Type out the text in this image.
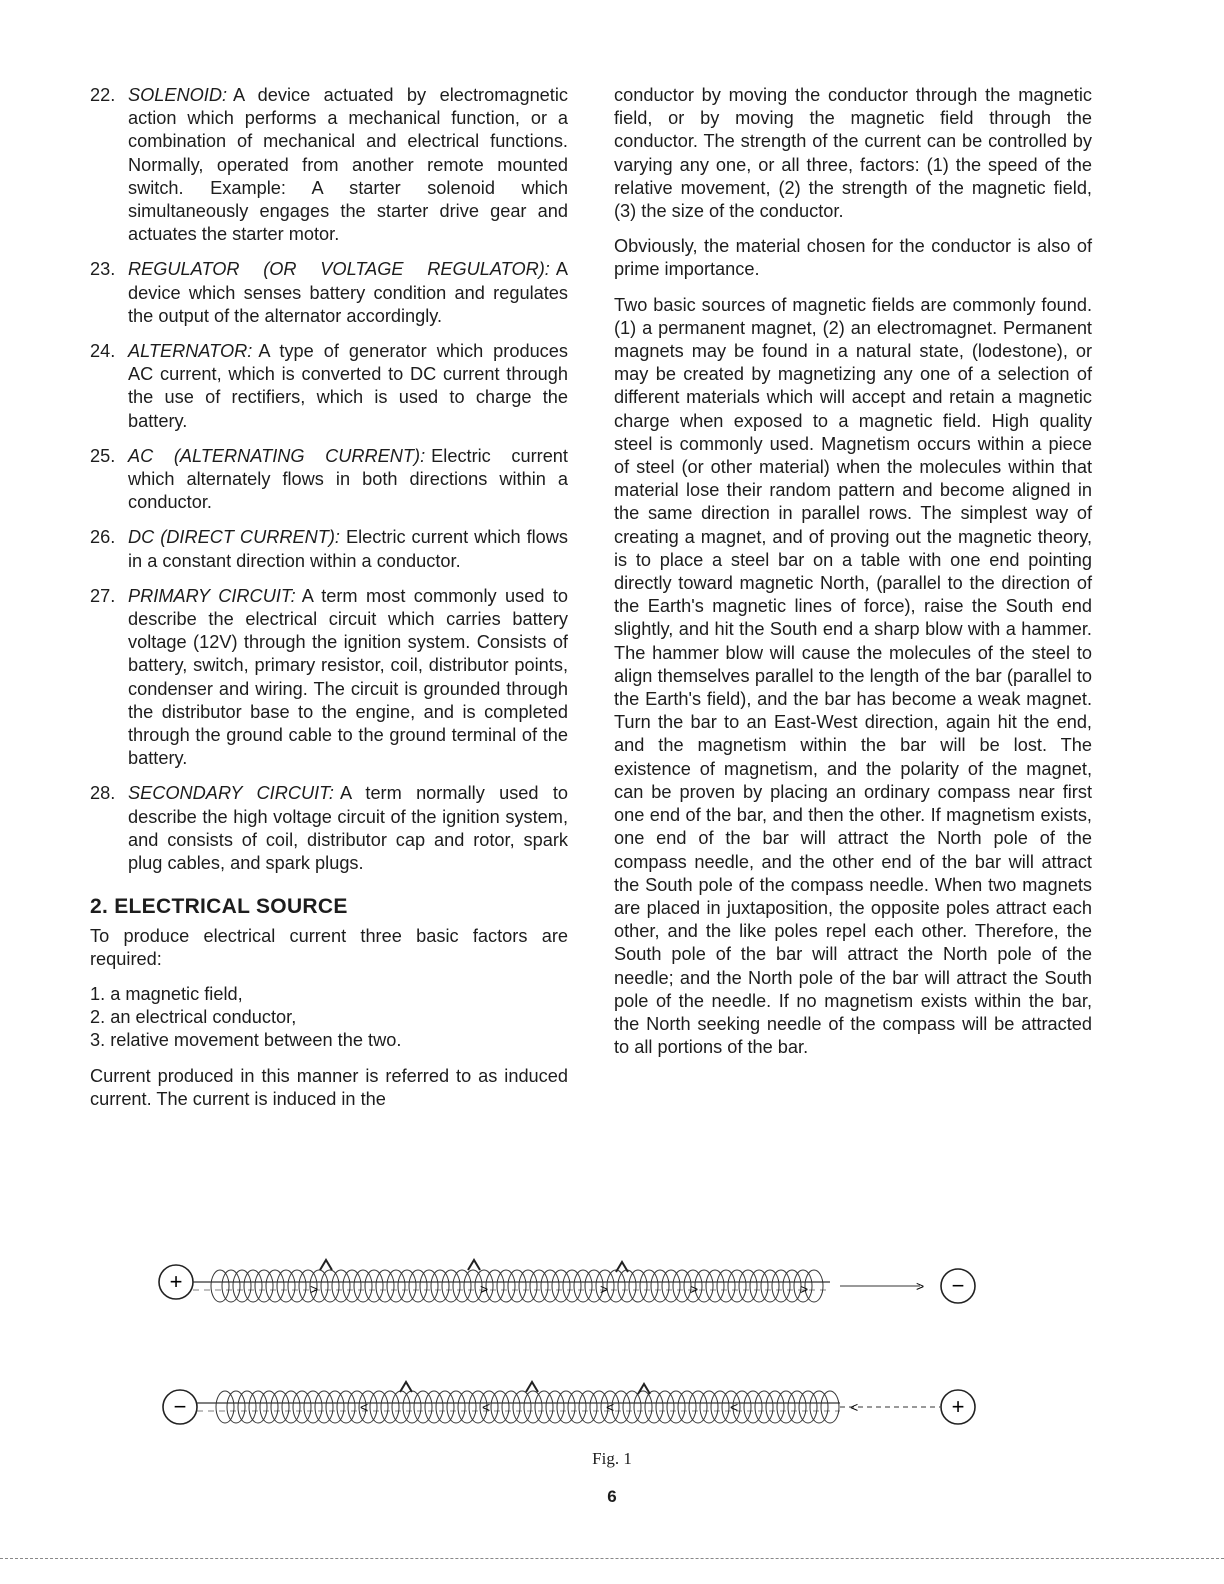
22. SOLENOID: A device actuated by electromagnetic action which performs a mechanical function, or a combination of mechanical and electrical functions. Normally, operated from another remote mounted switch. Example: A starter solenoid which simultaneously engages the starter drive gear and actuates the starter motor.
23. REGULATOR (OR VOLTAGE REGULATOR): A device which senses battery condition and regulates the output of the alternator accordingly.
24. ALTERNATOR: A type of generator which produces AC current, which is converted to DC current through the use of rectifiers, which is used to charge the battery.
25. AC (ALTERNATING CURRENT): Electric current which alternately flows in both directions within a conductor.
26. DC (DIRECT CURRENT): Electric current which flows in a constant direction within a conductor.
27. PRIMARY CIRCUIT: A term most commonly used to describe the electrical circuit which carries battery voltage (12V) through the ignition system. Consists of battery, switch, primary resistor, coil, distributor points, condenser and wiring. The circuit is grounded through the distributor base to the engine, and is completed through the ground cable to the ground terminal of the battery.
28. SECONDARY CIRCUIT: A term normally used to describe the high voltage circuit of the ignition system, and consists of coil, distributor cap and rotor, spark plug cables, and spark plugs.
2. ELECTRICAL SOURCE

To produce electrical current three basic factors are required:

1. a magnetic field,
2. an electrical conductor,
3. relative movement between the two.

Current produced in this manner is referred to as induced current. The current is induced in the

conductor by moving the conductor through the magnetic field, or by moving the magnetic field through the conductor. The strength of the current can be controlled by varying any one, or all three, factors: (1) the speed of the relative movement, (2) the strength of the magnetic field, (3) the size of the conductor.

Obviously, the material chosen for the conductor is also of prime importance.

Two basic sources of magnetic fields are commonly found. (1) a permanent magnet, (2) an electromagnet. Permanent magnets may be found in a natural state, (lodestone), or may be created by magnetizing any one of a selection of different materials which will accept and retain a magnetic charge when exposed to a magnetic field. High quality steel is commonly used. Magnetism occurs within a piece of steel (or other material) when the molecules within that material lose their random pattern and become aligned in the same direction in parallel rows. The simplest way of creating a magnet, and of proving out the magnetic theory, is to place a steel bar on a table with one end pointing directly toward magnetic North, (parallel to the direction of the Earth's magnetic lines of force), raise the South end slightly, and hit the South end a sharp blow with a hammer. The hammer blow will cause the molecules of the steel to align themselves parallel to the length of the bar (parallel to the Earth's field), and the bar has become a weak magnet. Turn the bar to an East-West direction, again hit the end, and the magnetism within the bar will be lost. The existence of magnetism, and the polarity of the magnet, can be proven by placing an ordinary compass near first one end of the bar, and then the other. If magnetism exists, one end of the bar will attract the North pole of the compass needle, and the other end of the bar will attract the South pole of the compass needle. When two magnets are placed in juxtaposition, the opposite poles attract each other, and the like poles repel each other. Therefore, the South pole of the bar will attract the North pole of the needle; and the North pole of the bar will attract the South pole of the needle. If no magnetism exists within the bar, the North seeking needle of the compass will be attracted to all portions of the bar.

+	>	>	>	>	>	> −
−	<	<	<	<	<	+
Fig. 1
6
